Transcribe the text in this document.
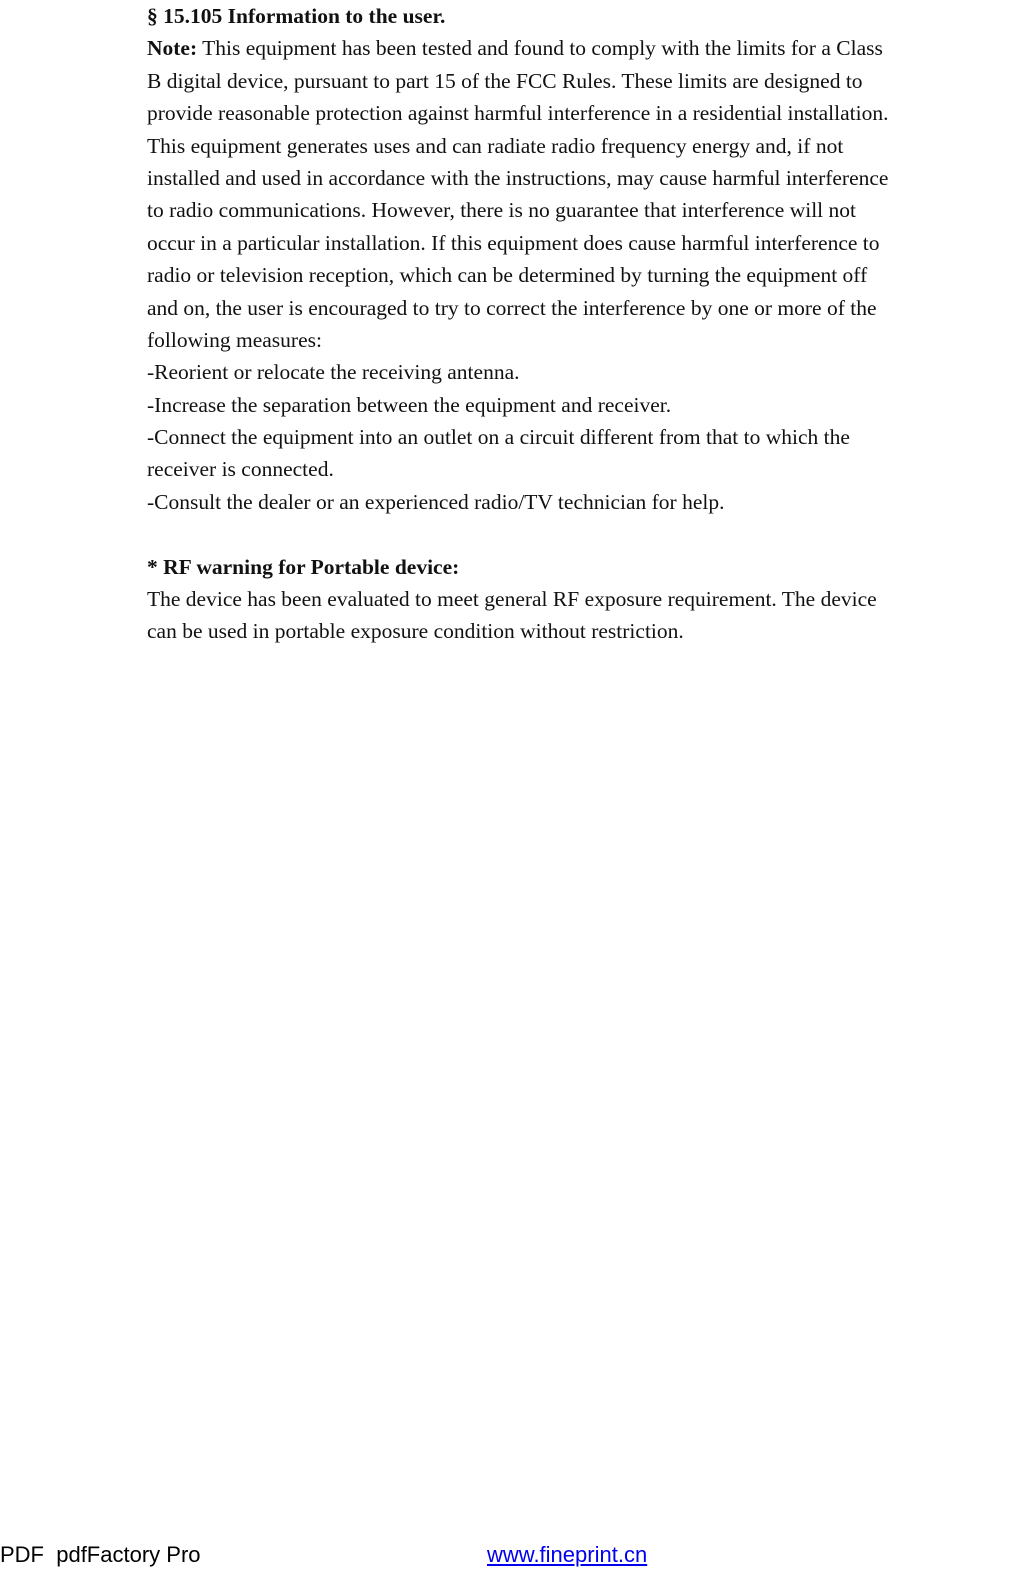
§ 15.105 Information to the user.
Note: This equipment has been tested and found to comply with the limits for a Class
B digital device, pursuant to part 15 of the FCC Rules. These limits are designed to
provide reasonable protection against harmful interference in a residential installation.
This equipment generates uses and can radiate radio frequency energy and, if not
installed and used in accordance with the instructions, may cause harmful interference
to radio communications. However, there is no guarantee that interference will not
occur in a particular installation. If this equipment does cause harmful interference to
radio or television reception, which can be determined by turning the equipment off
and on, the user is encouraged to try to correct the interference by one or more of the
following measures:
-Reorient or relocate the receiving antenna.
-Increase the separation between the equipment and receiver.
-Connect the equipment into an outlet on a circuit different from that to which the
receiver is connected.
-Consult the dealer or an experienced radio/TV technician for help.
* RF warning for Portable device:
The device has been evaluated to meet general RF exposure requirement. The device
can be used in portable exposure condition without restriction.
PDF  pdfFactory Pro	www.fineprint.cn
